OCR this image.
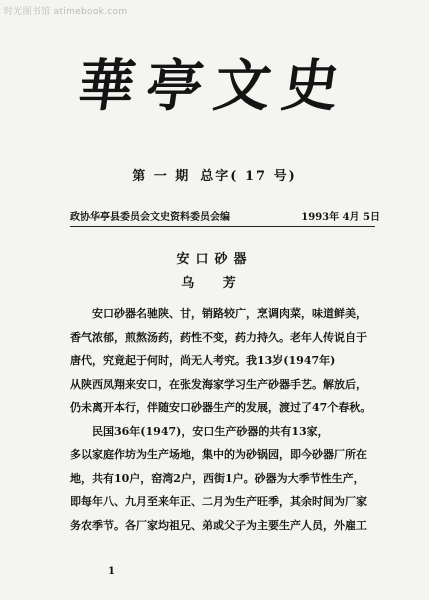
时光图书馆 atimebook.com
華亭文史
第 一 期 总字( 17 号)
政协华亭县委员会文史资料委员会编	1993年 4月 5日
安口砂器
乌 芳
安口砂器名驰陕、甘，销路较广，烹调肉菜，味道鲜美，
香气浓郁，煎熬汤药，药性不变，药力持久。老年人传说自于
唐代，究竟起于何时，尚无人考究。我13岁(1947年)
从陕西凤翔来安口，在张发海家学习生产砂器手艺。解放后，
仍未离开本行，伴随安口砂器生产的发展，渡过了47个春秋。
民国36年(1947)，安口生产砂器的共有13家，
多以家庭作坊为生产场地，集中的为砂锅园，即今砂器厂所在
地，共有10户，窑湾2户，西街1户。砂器为大季节性生产，
即每年八、九月至来年正、二月为生产旺季，其余时间为厂家
务农季节。各厂家均祖兄、弟或父子为主要生产人员，外雇工
1
